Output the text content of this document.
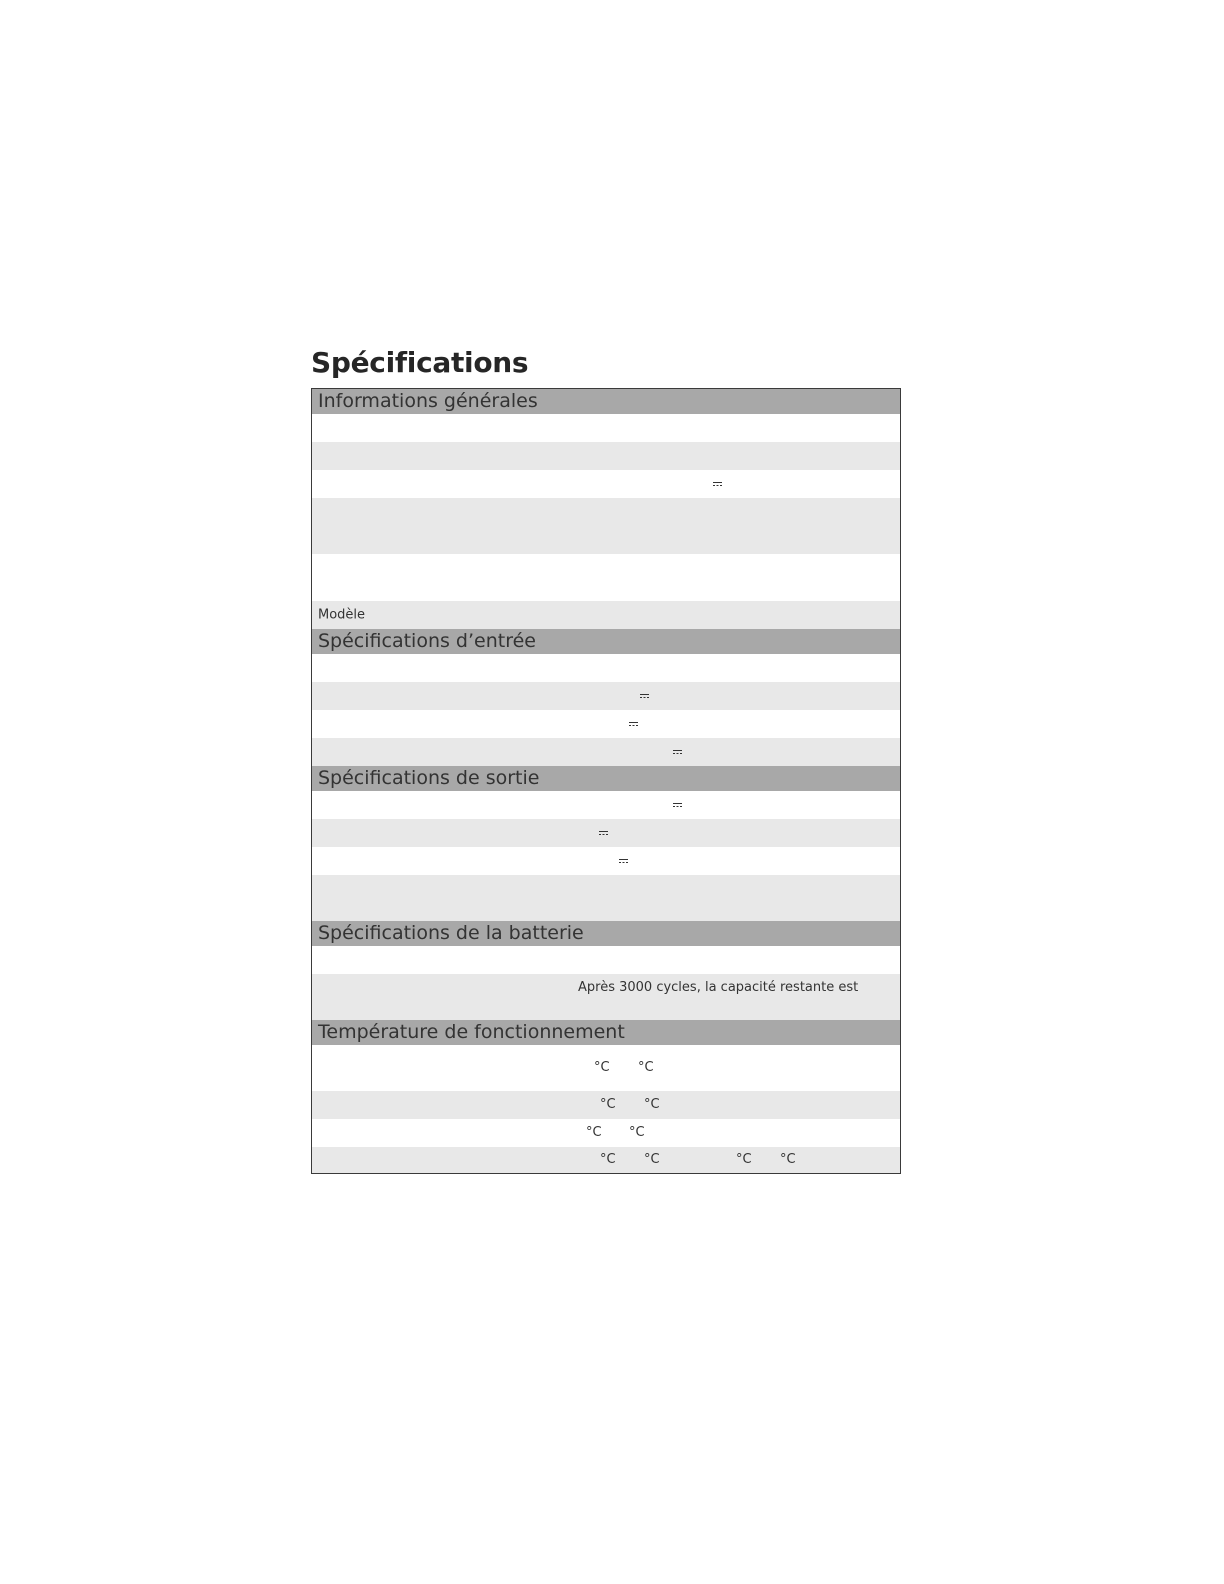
Spécifications
Informations générales
Modèle
Spécifications d’entrée
Spécifications de sortie
Spécifications de la batterie
Après 3000 cycles, la capacité restante est
Température de fonctionnement
°C °C
°C °C
°C °C
°C °C	°C °C
